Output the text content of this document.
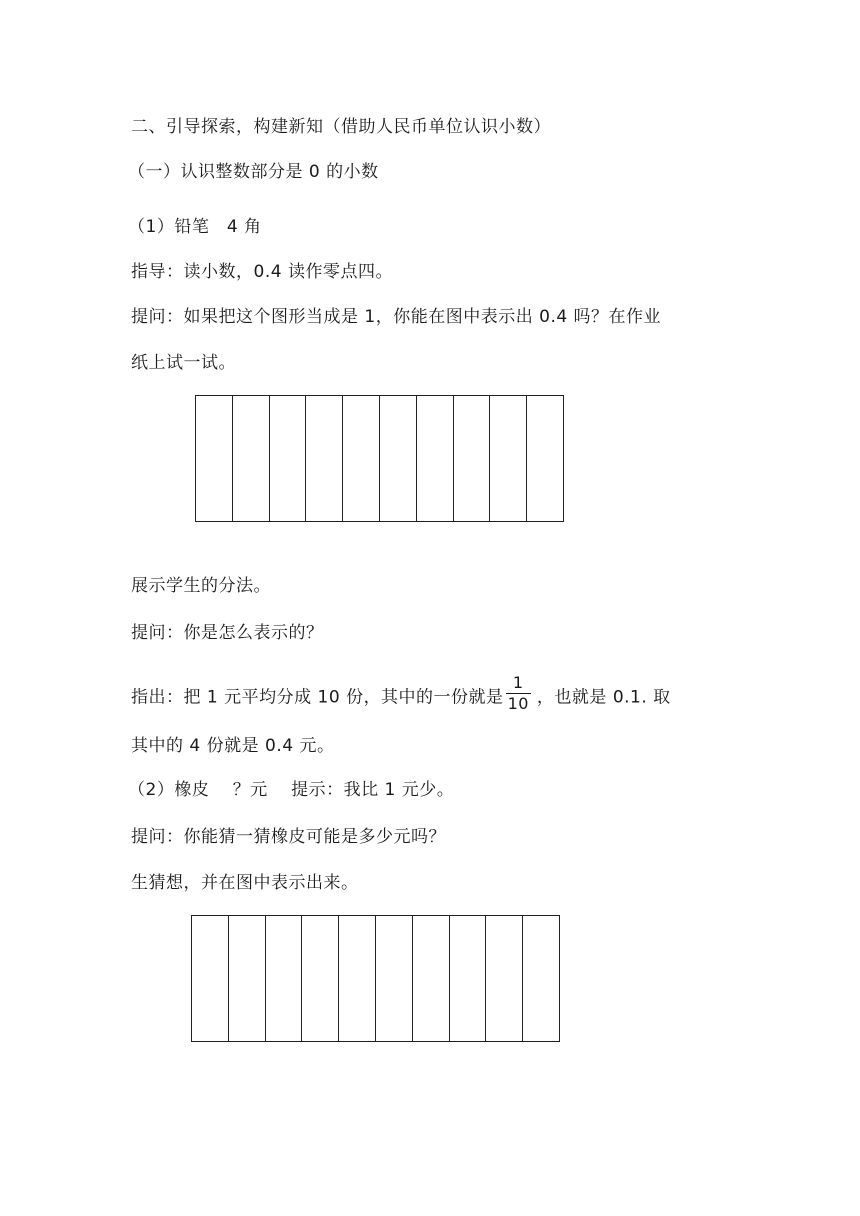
二、引导探索，构建新知（借助人民币单位认识小数）
（一）认识整数部分是 0 的小数
（1）铅笔　4 角
指导：读小数，0.4 读作零点四。
提问：如果把这个图形当成是 1，你能在图中表示出 0.4 吗？在作业
纸上试一试。
展示学生的分法。
提问：你是怎么表示的？
指出：把 1 元平均分成 10 份，其中的一份就是 $\frac{1}{10}$ ，也就是 0.1. 取
其中的 4 份就是 0.4 元。
（2）橡皮　 ？元　 提示：我比 1 元少。
提问：你能猜一猜橡皮可能是多少元吗？
生猜想，并在图中表示出来。
